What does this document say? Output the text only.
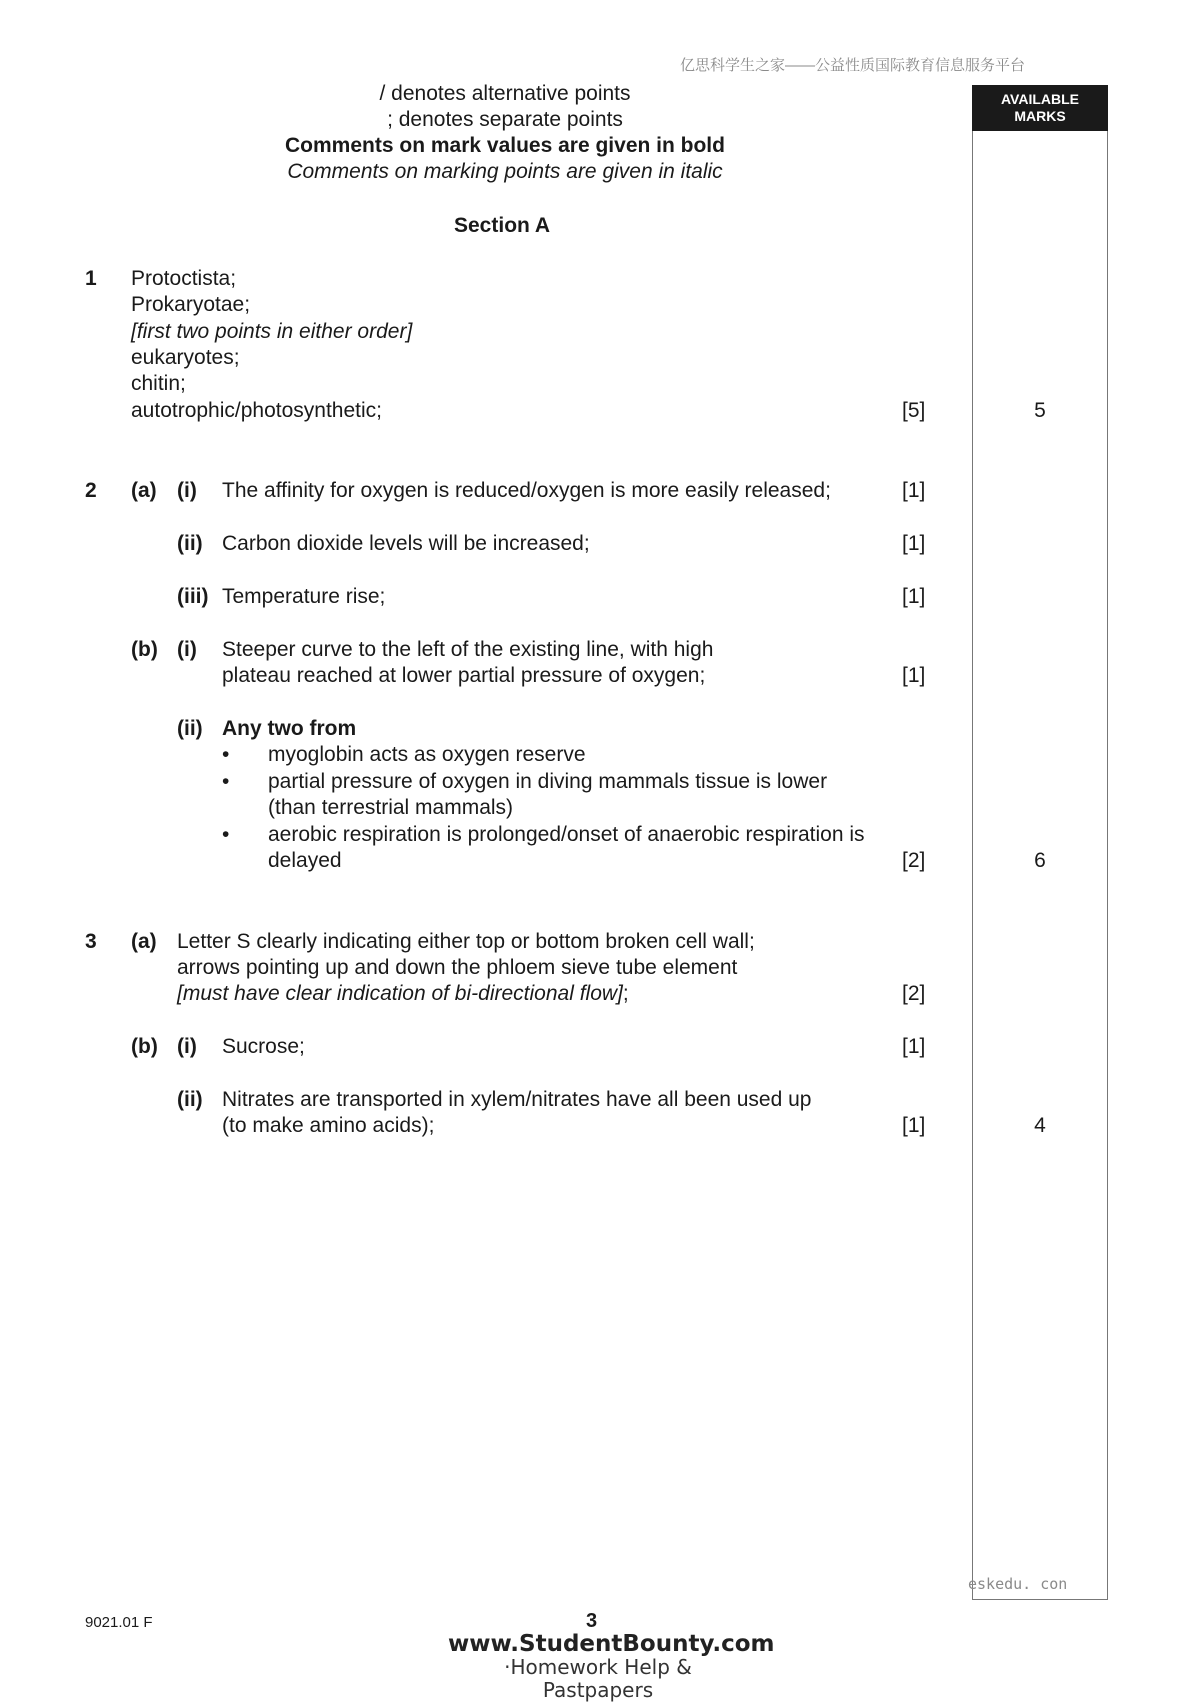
亿思科学生之家——公益性质国际教育信息服务平台
/ denotes alternative points
; denotes separate points
Comments on mark values are given in bold
Comments on marking points are given in italic
AVAILABLE
MARKS
Section A
1 Protoctista;
Prokaryotae;
[first two points in either order]
eukaryotes;
chitin;
autotrophic/photosynthetic;	[5]	5
2 (a) (i) The affinity for oxygen is reduced/oxygen is more easily released;	[1]
(ii) Carbon dioxide levels will be increased;	[1]
(iii) Temperature rise;	[1]
(b) (i) Steeper curve to the left of the existing line, with high
plateau reached at lower partial pressure of oxygen;	[1]
(ii) Any two from
• myoglobin acts as oxygen reserve
• partial pressure of oxygen in diving mammals tissue is lower
(than terrestrial mammals)
• aerobic respiration is prolonged/onset of anaerobic respiration is
delayed	[2]	6
3 (a) Letter S clearly indicating either top or bottom broken cell wall;
arrows pointing up and down the phloem sieve tube element
[must have clear indication of bi-directional flow];	[2]
(b) (i) Sucrose;	[1]
(ii) Nitrates are transported in xylem/nitrates have all been used up
(to make amino acids);	[1]	4
eskedu. con
9021.01 F	3
www.StudentBounty.com
·Homework Help & Pastpapers
